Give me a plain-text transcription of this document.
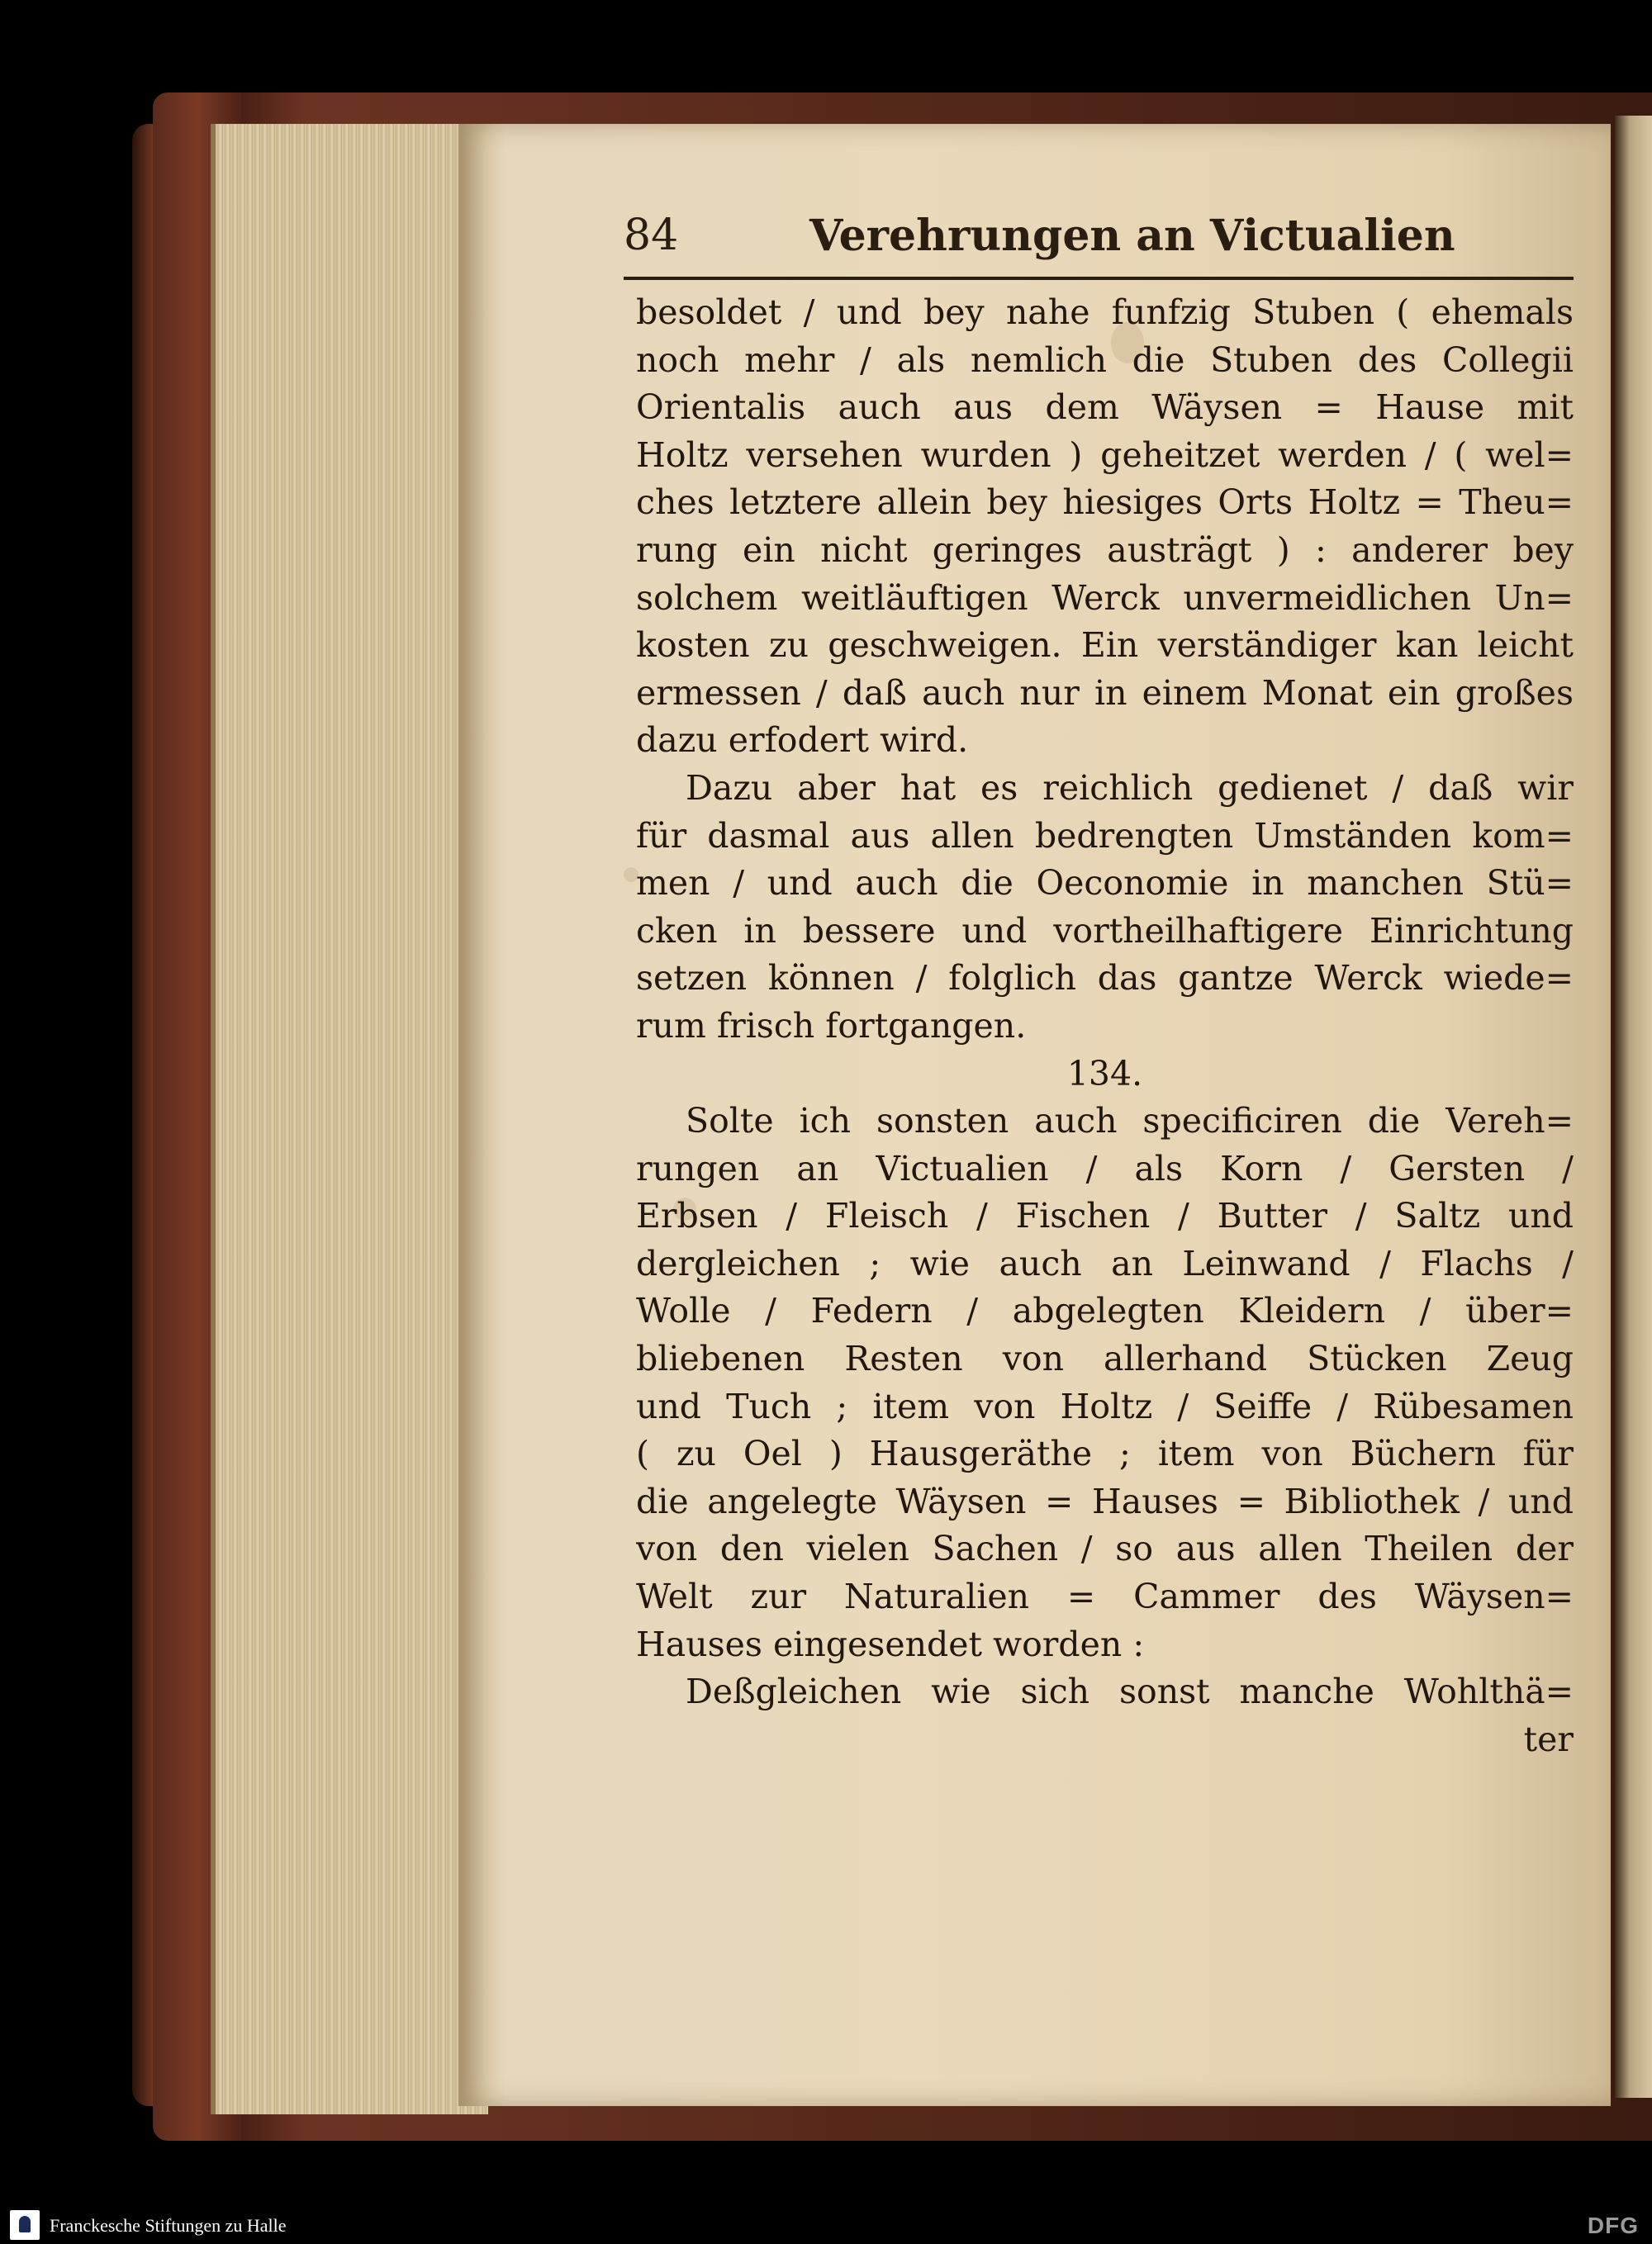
84	Verehrungen an Victualien
besoldet / und bey nahe funfzig Stuben ( ehemals
noch mehr / als nemlich die Stuben des Collegii
Orientalis auch aus dem Wäysen = Hause mit
Holtz versehen wurden ) geheitzet werden / ( wel=
ches letztere allein bey hiesiges Orts Holtz = Theu=
rung ein nicht geringes austrägt ) : anderer bey
solchem weitläuftigen Werck unvermeidlichen Un=
kosten zu geschweigen. Ein verständiger kan leicht
ermessen / daß auch nur in einem Monat ein großes
dazu erfodert wird.
Dazu aber hat es reichlich gedienet / daß wir
für dasmal aus allen bedrengten Umständen kom=
men / und auch die Oeconomie in manchen Stü=
cken in bessere und vortheilhaftigere Einrichtung
setzen können / folglich das gantze Werck wiede=
rum frisch fortgangen.
134.
Solte ich sonsten auch specificiren die Vereh=
rungen an Victualien / als Korn / Gersten /
Erbsen / Fleisch / Fischen / Butter / Saltz und
dergleichen ; wie auch an Leinwand / Flachs /
Wolle / Federn / abgelegten Kleidern / über=
bliebenen Resten von allerhand Stücken Zeug
und Tuch ; item von Holtz / Seiffe / Rübesamen
( zu Oel ) Hausgeräthe ; item von Büchern für
die angelegte Wäysen = Hauses = Bibliothek / und
von den vielen Sachen / so aus allen Theilen der
Welt zur Naturalien = Cammer des Wäysen=
Hauses eingesendet worden :
Deßgleichen wie sich sonst manche Wohlthä=
ter
Franckesche Stiftungen zu Halle	DFG
